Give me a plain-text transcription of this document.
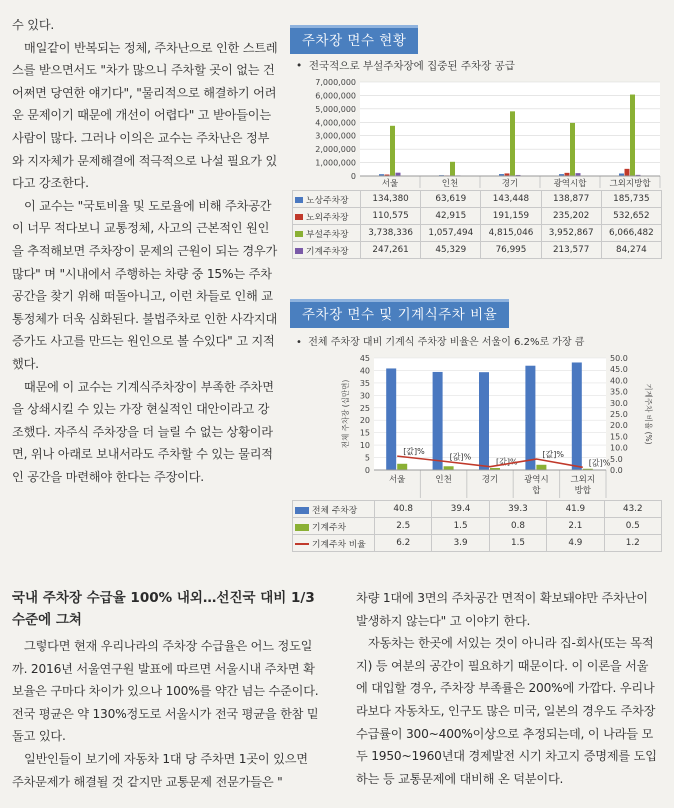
수 있다.

매일같이 반복되는 정체, 주차난으로 인한 스트레스를 받으면서도 "차가 많으니 주차할 곳이 없는 건 어쩌면 당연한 얘기다", "물리적으로 해결하기 어려운 문제이기 때문에 개선이 어렵다" 고 받아들이는 사람이 많다. 그러나 이의은 교수는 주차난은 정부와 지자체가 문제해결에 적극적으로 나설 필요가 있다고 강조한다.

이 교수는 "국토비율 및 도로율에 비해 주차공간이 너무 적다보니 교통정체, 사고의 근본적인 원인을 추적해보면 주차장이 문제의 근원이 되는 경우가 많다" 며 "시내에서 주행하는 차량 중 15%는 주차공간을 찾기 위해 떠돌아니고, 이런 차들로 인해 교통정체가 더욱 심화된다. 불법주차로 인한 사각지대 증가도 사고를 만드는 원인으로 볼 수있다" 고 지적했다.

때문에 이 교수는 기계식주차장이 부족한 주차면을 상쇄시킬 수 있는 가장 현실적인 대안이라고 강조했다. 자주식 주차장을 더 늘릴 수 없는 상황이라면, 위나 아래로 보내서라도 주차할 수 있는 물리적인 공간을 마련해야 한다는 주장이다.

주차장 면수 현황
•  전국적으로 부설주차장에 집중된 주차장 공급
0
1,000,000
2,000,000
3,000,000
4,000,000
5,000,000
6,000,000
7,000,000
서울	인천	경기	광역시합	그외지방합
노상주차장	134,380	63,619	143,448	138,877	185,735
노외주차장	110,575	42,915	191,159	235,202	532,652
부설주차장	3,738,336	1,057,494	4,815,046	3,952,867	6,066,482
기계주차장	247,261	45,329	76,995	213,577	84,274
주차장 면수 및 기계식주차 비율
•  전체 주차장 대비 기계식 주차장 비율은 서울이 6.2%로 가장 큼
0
5
10
15
20
25
30
35
40
45
0.0
5.0
10.0
15.0
20.0
25.0
30.0
35.0
40.0
45.0
50.0
전체 주차장 (십만면)	기계주차 비율 (%)
[값]%
서울
[값]%
인천
[값]%
경기
[값]%
광역시
합
[값]%
그외지
방합
전체 주차장	40.8	39.4	39.3	41.9	43.2
기계주차	2.5	1.5	0.8	2.1	0.5
기계주차 비율	6.2	3.9	1.5	4.9	1.2

국내 주차장 수급율 100% 내외…선진국 대비 1/3
수준에 그쳐

그렇다면 현재 우리나라의 주차장 수급율은 어느 정도일까. 2016년 서울연구원 발표에 따르면 서울시내 주차면 확보율은 구마다 차이가 있으나 100%를 약간 넘는 수준이다. 전국 평균은 약 130%정도로 서울시가 전국 평균을 한참 밑돌고 있다.

일반인들이 보기에 자동차 1대 당 주차면 1곳이 있으면 주차문제가 해결될 것 같지만 교통문제 전문가들은 "

차량 1대에 3면의 주차공간 면적이 확보돼야만 주차난이 발생하지 않는다" 고 이야기 한다.

자동차는 한곳에 서있는 것이 아니라 집-회사(또는 목적지) 등 여분의 공간이 필요하기 때문이다. 이 이론을 서울에 대입할 경우, 주차장 부족률은 200%에 가깝다. 우리나라보다 자동차도, 인구도 많은 미국, 일본의 경우도 주차장 수급률이 300~400%이상으로 추정되는데, 이 나라들 모두 1950~1960년대 경제발전 시기 차고지 증명제를 도입하는 등 교통문제에 대비해 온 덕분이다.
